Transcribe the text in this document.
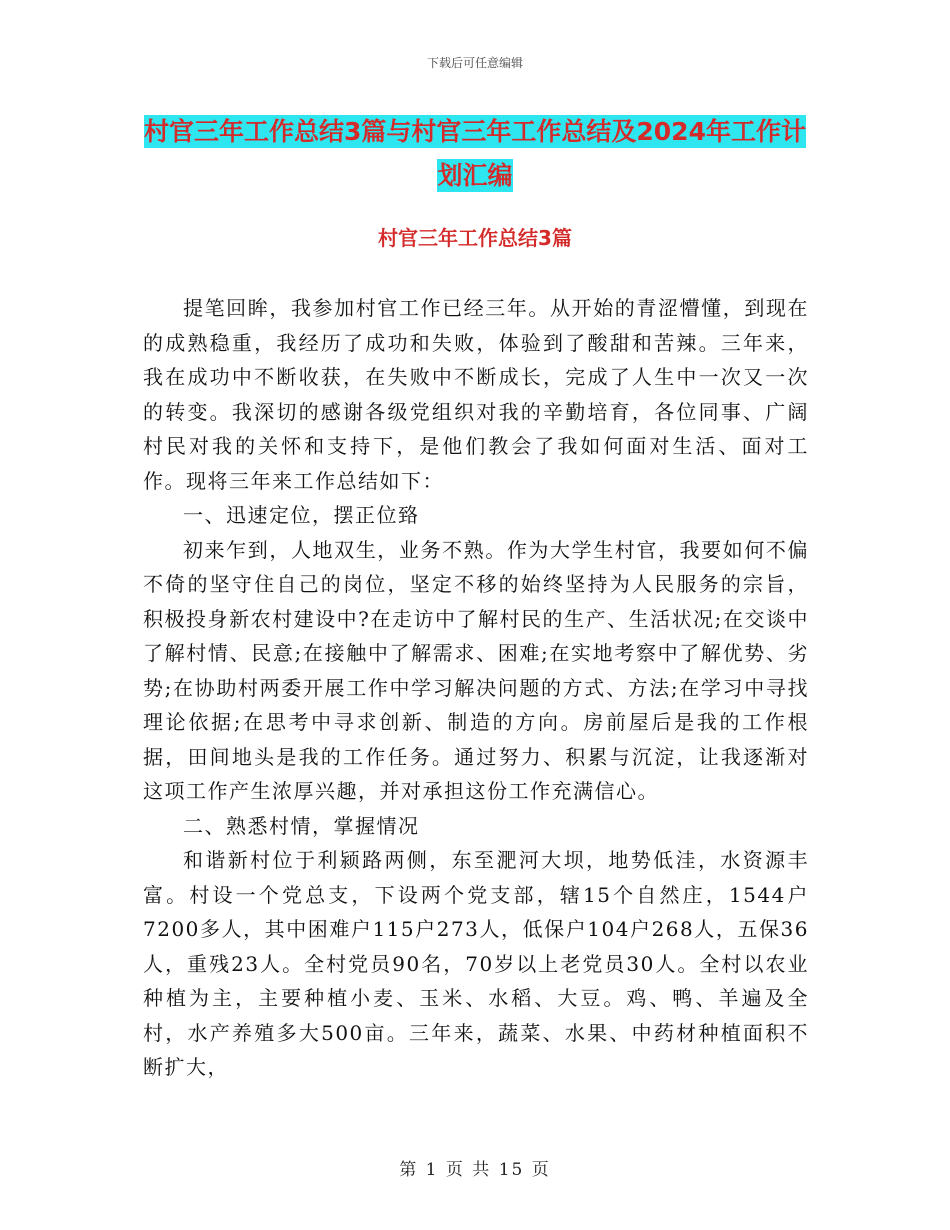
下载后可任意编辑
村官三年工作总结3篇与村官三年工作总结及2024年工作计划汇编
村官三年工作总结3篇

提笔回眸，我参加村官工作已经三年。从开始的青涩懵懂，到现在的成熟稳重，我经历了成功和失败，体验到了酸甜和苦辣。三年来，我在成功中不断收获，在失败中不断成长，完成了人生中一次又一次的转变。我深切的感谢各级党组织对我的辛勤培育，各位同事、广阔村民对我的关怀和支持下，是他们教会了我如何面对生活、面对工作。现将三年来工作总结如下：

一、迅速定位，摆正位臵

初来乍到，人地双生，业务不熟。作为大学生村官，我要如何不偏不倚的坚守住自己的岗位，坚定不移的始终坚持为人民服务的宗旨，积极投身新农村建设中?在走访中了解村民的生产、生活状况;在交谈中了解村情、民意;在接触中了解需求、困难;在实地考察中了解优势、劣势;在协助村两委开展工作中学习解决问题的方式、方法;在学习中寻找理论依据;在思考中寻求创新、制造的方向。房前屋后是我的工作根据，田间地头是我的工作任务。通过努力、积累与沉淀，让我逐渐对这项工作产生浓厚兴趣，并对承担这份工作充满信心。

二、熟悉村情，掌握情况

和谐新村位于利颍路两侧，东至淝河大坝，地势低洼，水资源丰富。村设一个党总支，下设两个党支部，辖15个自然庄，1544户7200多人，其中困难户115户273人，低保户104户268人，五保36人，重残23人。全村党员90名，70岁以上老党员30人。全村以农业种植为主，主要种植小麦、玉米、水稻、大豆。鸡、鸭、羊遍及全村，水产养殖多大500亩。三年来，蔬菜、水果、中药材种植面积不断扩大，

第 1 页 共 15 页
